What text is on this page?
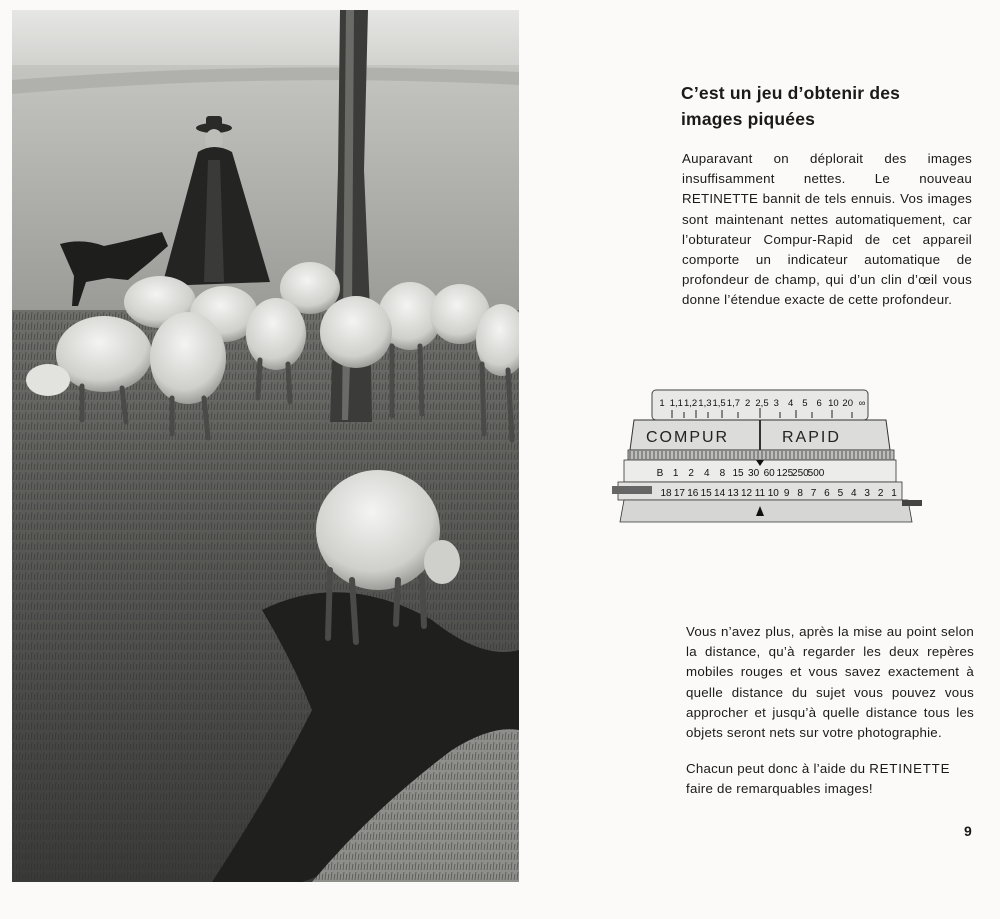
C’est un jeu d’obtenir des
images piquées

Auparavant on déplorait des images insuffisamment nettes. Le nouveau RETINETTE bannit de tels ennuis. Vos images sont maintenant nettes automatiquement, car l’obturateur Compur-Rapid de cet appareil comporte un indicateur automatique de profondeur de champ, qui d’un clin d’œil vous donne l’étendue exacte de cette profondeur.

1 1,1 1,2 1,3 1,5 1,7 2 2,5 3 4 5 6 10 20 ∞
COMPUR	RAPID
B 1 2 4 8 15 30 60 125
250
500
18 17 16 15 14 13 12 11 10 9 8 7 6 5 4 3 2 1

Vous n’avez plus, après la mise au point selon la distance, qu’à regarder les deux repères mobiles rouges et vous savez exactement à quelle distance du sujet vous pouvez vous approcher et jusqu’à quelle distance tous les objets seront nets sur votre photographie.

Chacun peut donc à l’aide du RETINETTE faire de remarquables images!

9
